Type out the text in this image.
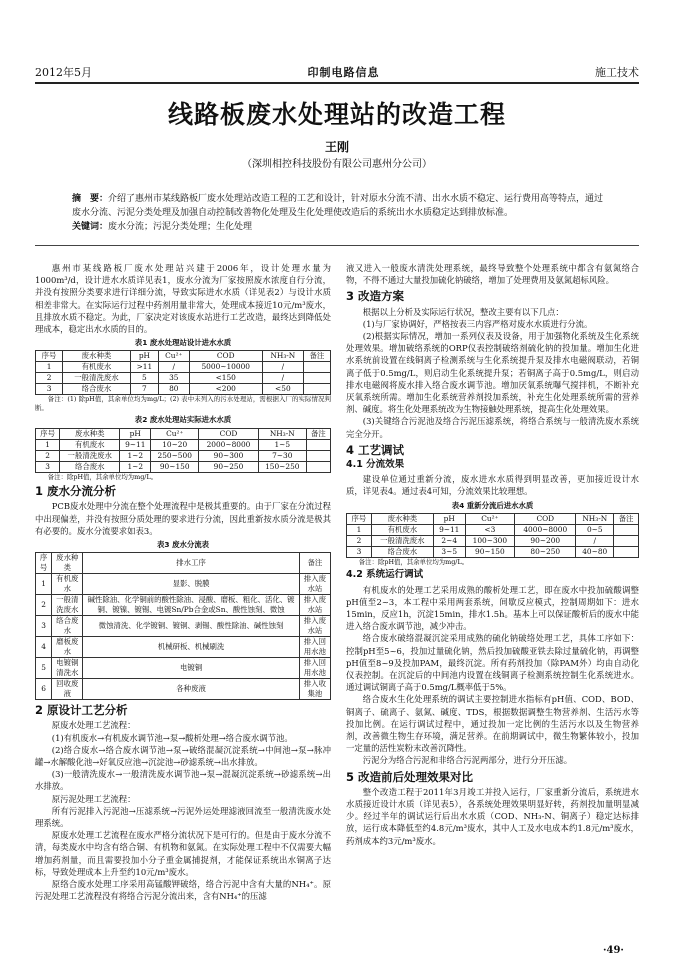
2012年5月	印制电路信息	施工技术
线路板废水处理站的改造工程
王刚
（深圳相控科技股份有限公司惠州分公司）
摘　要：介绍了惠州市某线路板厂废水处理站改造工程的工艺和设计，针对原水分流不清、出水水质不稳定、运行费用高等特点，通过废水分流、污泥分类处理及加强自动控制改善物化处理及生化处理使改造后的系统出水水质稳定达到排放标准。
关键词：废水分流；污泥分类处理；生化处理

惠州市某线路板厂废水处理站兴建于2006年，设计处理水量为1000m³/d，设计进水水质详见表1，废水分流为厂家按照废水浓度自行分流，并没有按照分类要求进行详细分流，导致实际进水水质（详见表2）与设计水质相差非常大。在实际运行过程中药剂用量非常大，处理成本接近10元/m³废水，且排放水质不稳定。为此，厂家决定对该废水站进行工艺改造，最终达到降低处理成本，稳定出水水质的目的。

表1 废水处理站设计进水水质
序号	废水种类	pH	Cu²⁺	COD	NH₃-N	备注
1	有机废水	>11	/	5000~10000	/	
2	一般清洗废水	5	35	<150	/	
3	络合废水	7	80	<200	<50	

备注：(1) 除pH值，其余单位均为mg/L；(2) 表中未列入的污水处理站，需根据入厂的实际情况判断。

表2 废水处理站实际进水水质
序号	废水种类	pH	Cu²⁺	COD	NH₃-N	备注
1	有机废水	9~11	10~20	2000~8000	1~5	
2	一般清洗废水	1~2	250~500	90~300	7~30	
3	络合废水	1~2	90~150	90~250	150~250	

备注：除pH值，其余单位均为mg/L。

1 废水分流分析

PCB废水处理中分流在整个处理流程中是极其重要的。由于厂家在分流过程中出现偏差，并没有按照分质处理的要求进行分流，因此重新按水质分流是极其有必要的。废水分流要求如表3。

表3 废水分流表
序号	废水种类	排水工序	备注
1	有机废水	显影、脱膜	排入废水站
2	一般清洗废水	碱性除油、化学铜前的酸性除油、浸酸、磨板、粗化、活化、镀铜、镀镍、镀锡、电镀Sn/Pb合金或Sn、酸性蚀刻、微蚀	排入废水站
3	络合废水	微蚀清洗、化学镀铜、镀铜、剥锡、酸性除油、碱性蚀刻	排入废水站
4	磨板废水	机械研板、机械刷洗	排入回用水池
5	电镀铜清洗水	电镀铜	排入回用水池
6	回收废液	各种废液	排入收集池
2 原设计工艺分析

原废水处理工艺流程：

(1)有机废水→有机废水调节池→泵→酸析处理→络合废水调节池。

(2)络合废水→络合废水调节池→泵→破络混凝沉淀系统→中间池→泵→脉冲罐→水解酸化池→好氧反应池→沉淀池→砂滤系统→出水排放。

(3)一般清洗废水→一般清洗废水调节池→泵→混凝沉淀系统→砂滤系统→出水排放。

原污泥处理工艺流程：

所有污泥排入污泥池→压滤系统→污泥外运处理滤液回流至一般清洗废水处理系统。

原废水处理工艺流程在废水严格分流状况下是可行的。但是由于废水分流不清，每类废水中均含有络合铜、有机物和氨氮。在实际处理工程中不仅需要大幅增加药剂量，而且需要投加小分子重金属捕捉剂，才能保证系统出水铜离子达标，导致处理成本上升至约10元/m³废水。

原络合废水处理工序采用高锰酸钾破络，络合污泥中含有大量的NH₄⁺。原污泥处理工艺流程没有将络合污泥分流出来，含有NH₄⁺的压滤

液又进入一般废水清洗处理系统，最终导致整个处理系统中都含有氨氮络合物，不得不通过大量投加硫化钠破络，增加了处理费用及氨氮超标风险。

3 改造方案

根据以上分析及实际运行状况，整改主要有以下几点：

(1)与厂家协调好，严格按表三内容严格对废水水质进行分流。

(2)根据实际情况，增加一系列仪表及设备，用于加强物化系统及生化系统处理效果。增加破络系统的ORP仪表控制破络剂硫化钠的投加量。增加生化进水系统前设置在线铜离子检测系统与生化系统提升泵及排水电磁阀联动，若铜离子低于0.5mg/L，则启动生化系统提升泵；若铜离子高于0.5mg/L，则启动排水电磁阀将废水排入络合废水调节池。增加厌氧系统曝气搅拌机，不断补充厌氧系统所需。增加生化系统营养剂投加系统，补充生化处理系统所需的营养剂、碱度。将生化处理系统改为生物接触处理系统，提高生化处理效果。

(3)关键络合污泥池及络合污泥压滤系统，将络合系统与一般清洗废水系统完全分开。

4 工艺调试
4.1 分流效果

建设单位通过重新分流，废水进水水质得到明显改善，更加接近设计水质，详见表4。通过表4可知，分流效果比较理想。

表4 重新分流后进水水质
序号	废水种类	pH	Cu²⁺	COD	NH₃-N	备注
1	有机废水	9~11	<3	4000~8000	0~5	
2	一般清洗废水	2~4	100~300	90~200	/	
3	络合废水	3~5	90~150	80~250	40~80	

备注：除pH值，其余单位均为mg/L。

4.2 系统运行调试

有机废水的处理工艺采用成熟的酸析处理工艺，即在废水中投加硫酸调整pH值至2~3，本工程中采用两套系统，间歇反应模式，控制周期如下：进水15min，反应1h，沉淀15min，排水1.5h。基本上可以保证酸析后的废水中能进入络合废水调节池，减少冲击。

络合废水破络混凝沉淀采用成熟的硫化钠破络处理工艺，具体工序如下：控制pH至5~6，投加过量硫化钠，然后投加硫酸亚铁去除过量硫化钠，再调整pH值至8~9及投加PAM，最终沉淀。所有药剂投加（除PAM外）均由自动化仪表控制。在沉淀后的中间池内设置在线铜离子检测系统控制生化系统进水。通过调试铜离子高于0.5mg/L概率低于5%。

络合废水生化处理系统的调试主要控制进水指标有pH值、COD、BOD、铜离子、硫离子、氨氮、碱度、TDS，根据数据调整生物营养剂、生活污水等投加比例。在运行调试过程中，通过投加一定比例的生活污水以及生物营养剂，改善微生物生存环境，满足营养。在前期调试中，微生物繁体较小，投加一定量的活性炭粉末改善沉降性。

污泥分为络合污泥和非络合污泥两部分，进行分开压滤。

5 改造前后处理效果对比

整个改造工程于2011年3月竣工并投入运行，厂家重新分流后，系统进水水质接近设计水质（详见表5），各系统处理效果明显好转，药剂投加量明显减少。经过半年的调试运行后出水水质（COD、NH₃-N、铜离子）稳定达标排放，运行成本降低至约4.8元/m³废水，其中人工及水电成本约1.8元/m³废水，药剂成本约3元/m³废水。

·49·
